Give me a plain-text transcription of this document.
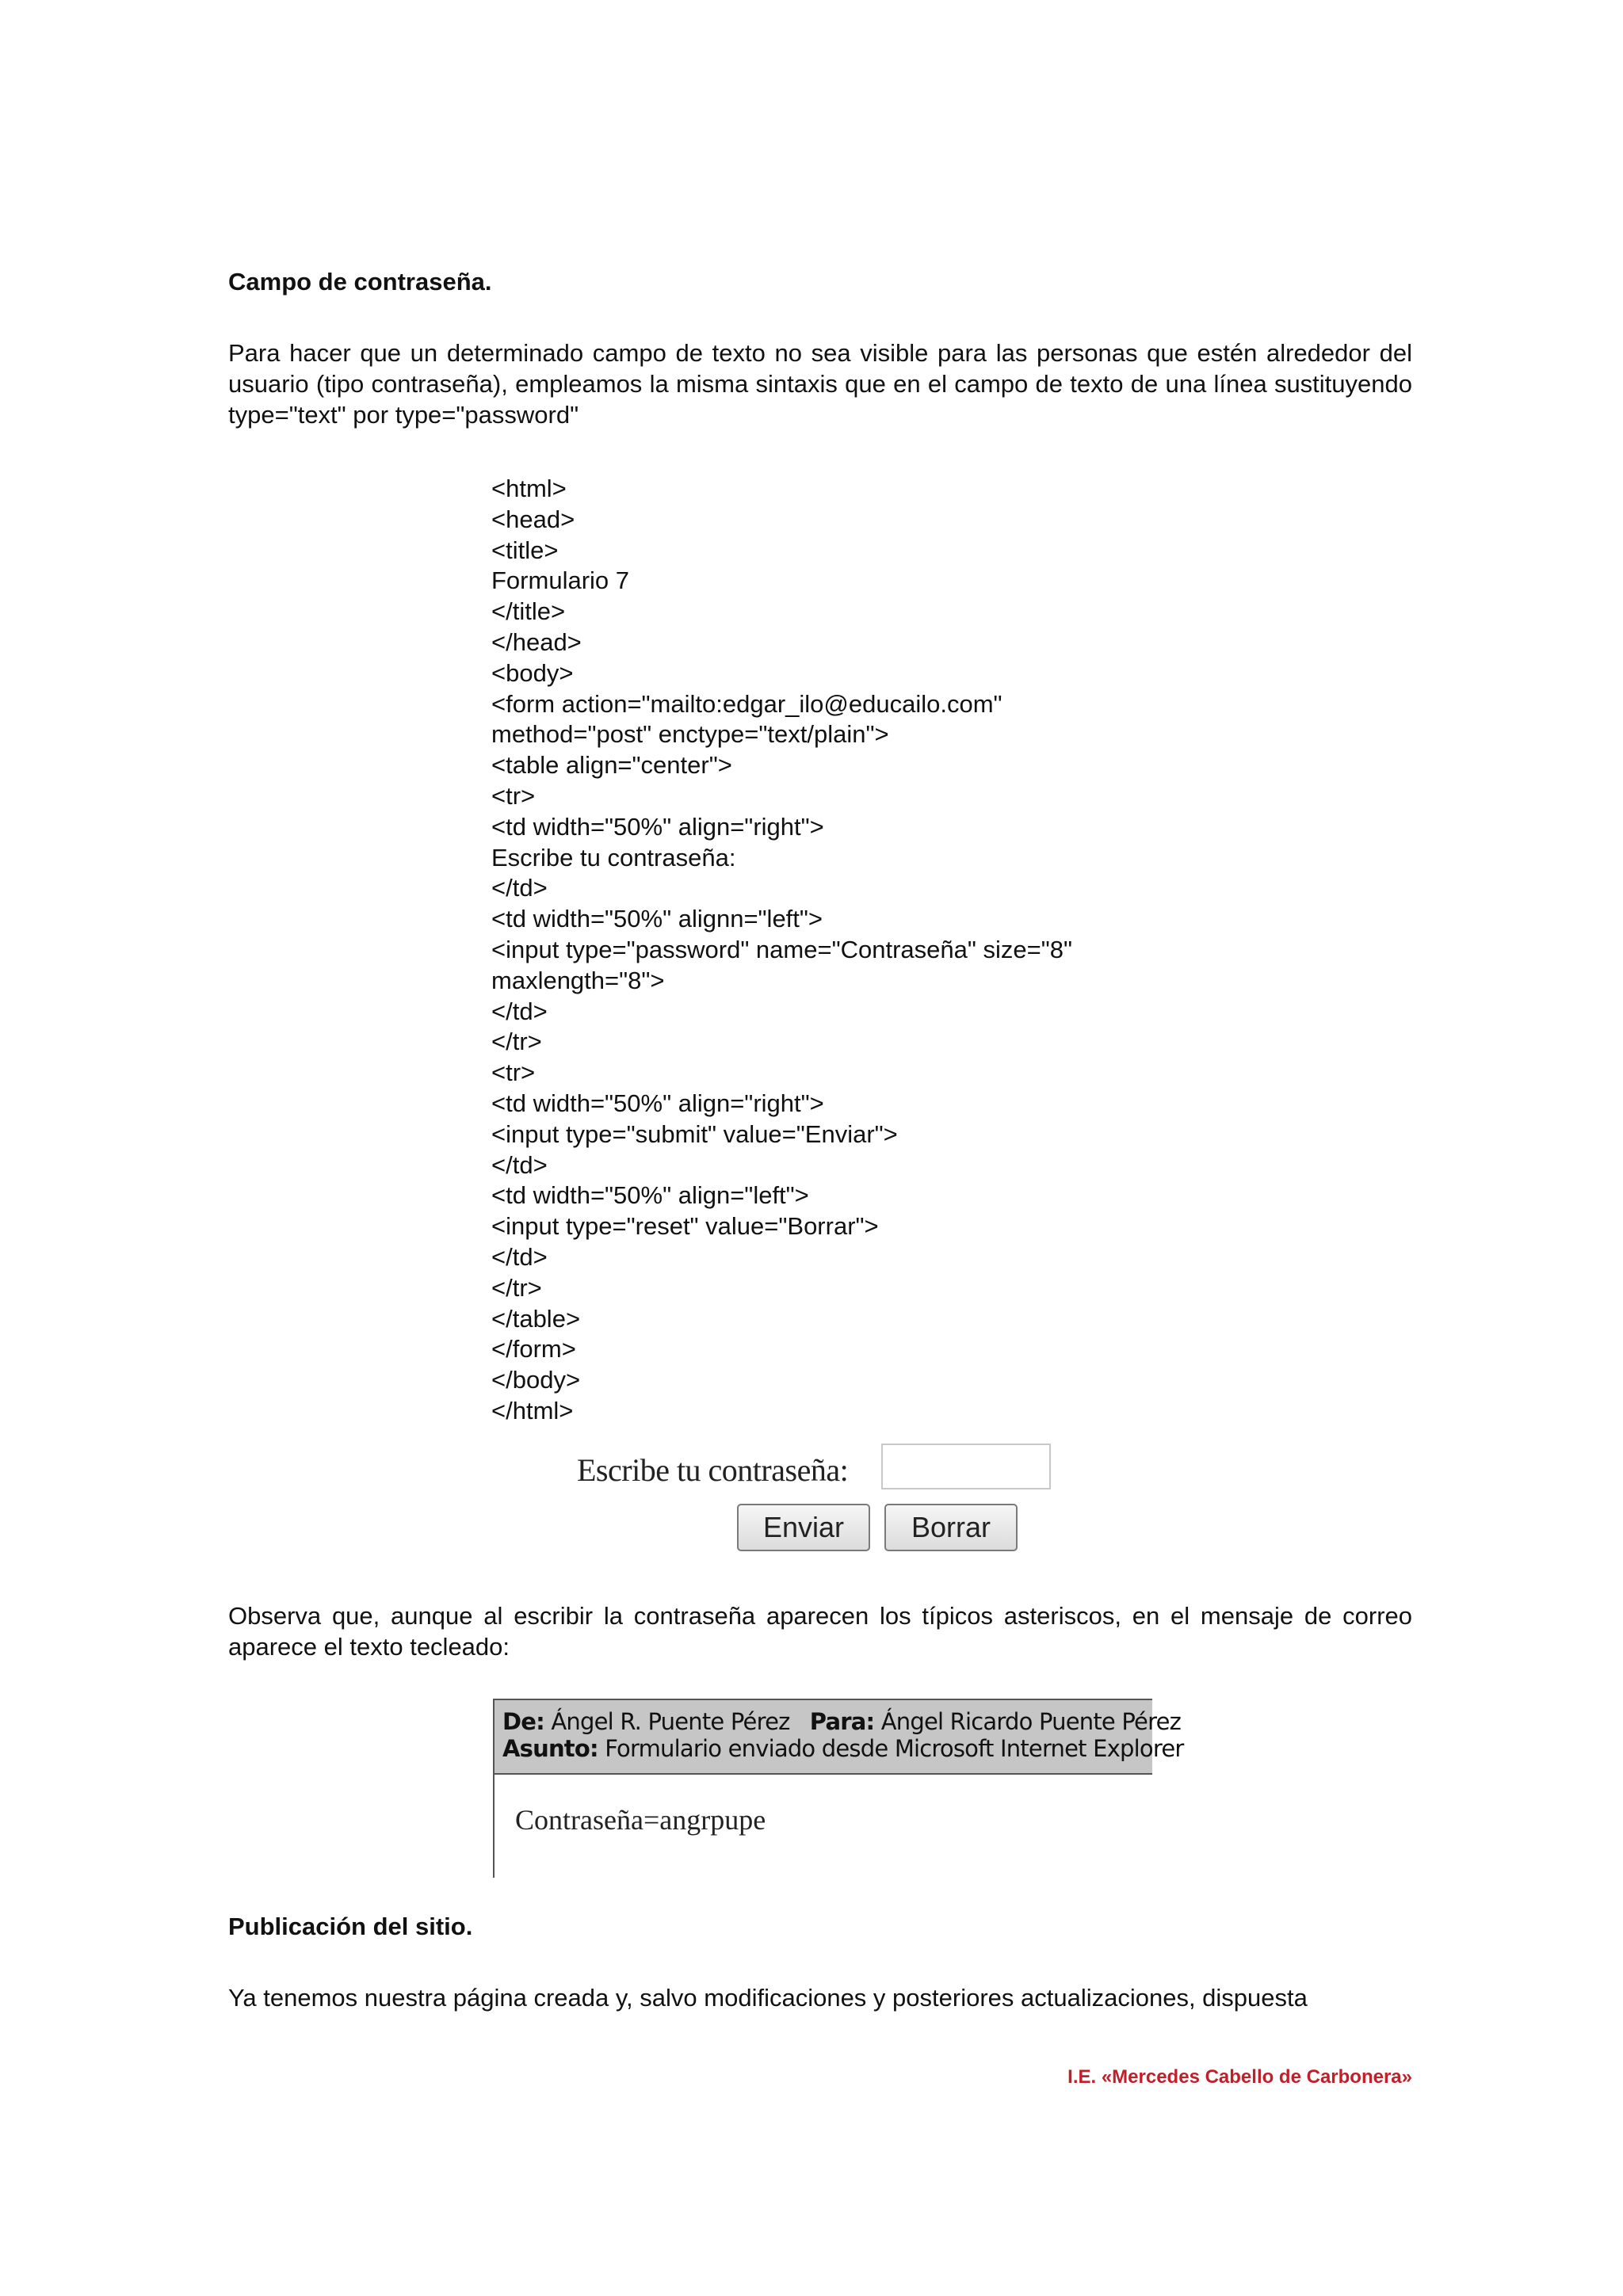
Campo de contraseña.

Para hacer que un determinado campo de texto no sea visible para las personas que estén alrededor del usuario (tipo contraseña), empleamos la misma sintaxis que en el campo de texto de una línea sustituyendo type="text" por type="password"

<html>
<head>
<title>
Formulario 7
</title>
</head>
<body>
<form action="mailto:edgar_ilo@educailo.com"
method="post" enctype="text/plain">
<table align="center">
<tr>
<td width="50%" align="right">
Escribe tu contraseña:
</td>
<td width="50%" alignn="left">
<input type="password" name="Contraseña" size="8"
maxlength="8">
</td>
</tr>
<tr>
<td width="50%" align="right">
<input type="submit" value="Enviar">
</td>
<td width="50%" align="left">
<input type="reset" value="Borrar">
</td>
</tr>
</table>
</form>
</body>
</html>
Escribe tu contraseña:
Enviar	Borrar

Observa que, aunque al escribir la contraseña aparecen los típicos asteriscos, en el mensaje de correo aparece el texto tecleado:

De: Ángel R. Puente Pérez Para: Ángel Ricardo Puente Pérez
Asunto: Formulario enviado desde Microsoft Internet Explorer
Contraseña=angrpupe
Publicación del sitio.

Ya tenemos nuestra página creada y, salvo modificaciones y posteriores actualizaciones, dispuesta

I.E. «Mercedes Cabello de Carbonera»
